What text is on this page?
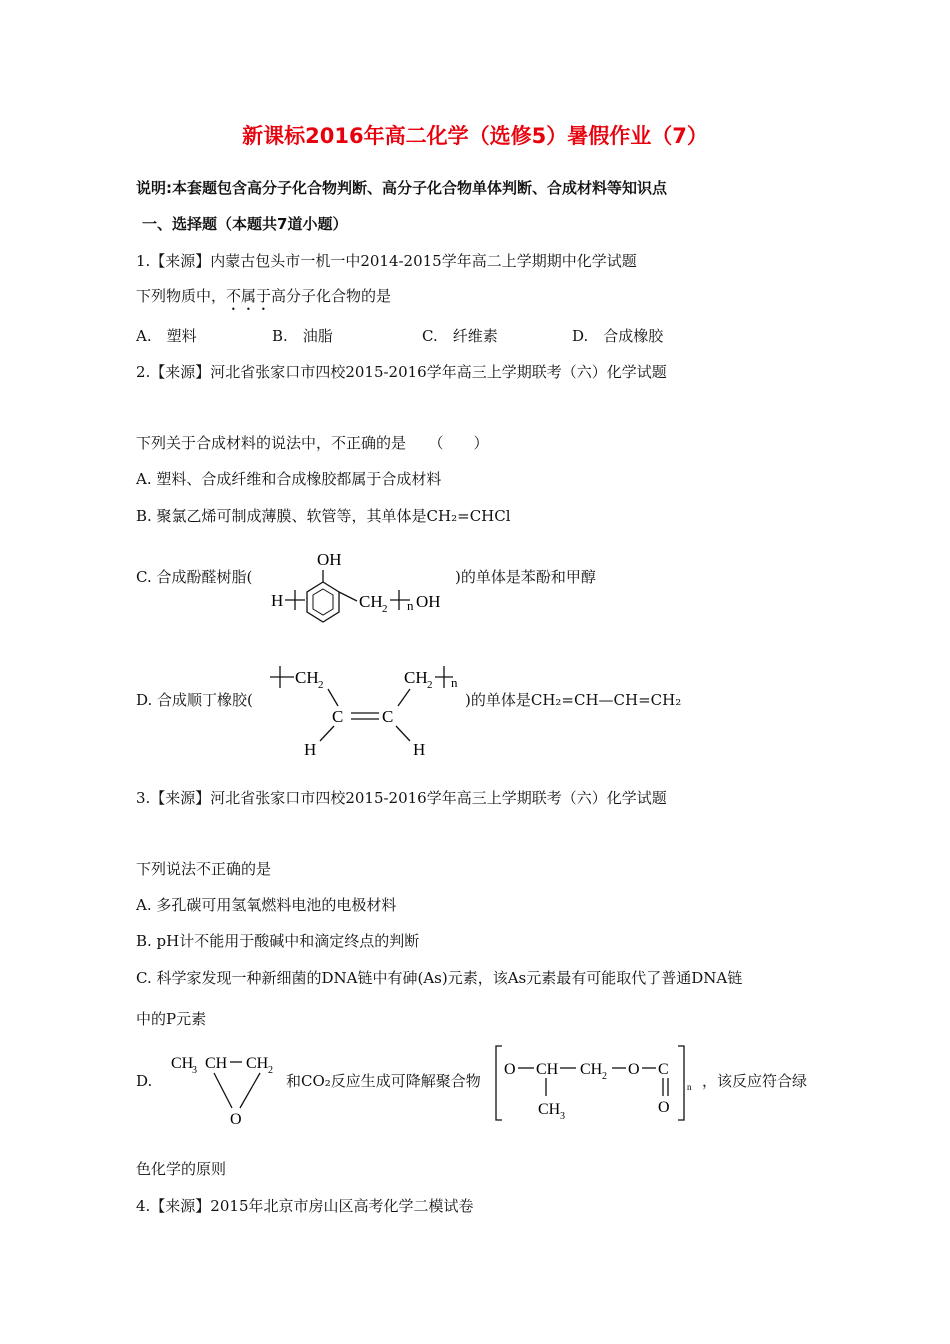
新课标2016年高二化学（选修5）暑假作业（7）
说明:本套题包含高分子化合物判断、高分子化合物单体判断、合成材料等知识点
一、选择题（本题共7道小题）
1.【来源】内蒙古包头市一机一中2014-2015学年高二上学期期中化学试题
下列物质中，不属于高分子化合物的是
A.　塑料	B.　油脂	C.　纤维素	D.　合成橡胶
2.【来源】河北省张家口市四校2015-2016学年高三上学期联考（六）化学试题
下列关于合成材料的说法中，不正确的是　　（　　）
A. 塑料、合成纤维和合成橡胶都属于合成材料
B. 聚氯乙烯可制成薄膜、软管等，其单体是CH₂=CHCl
C. 合成酚醛树脂(	)的单体是苯酚和甲醇
OH
H	CH 2 n OH
D. 合成顺丁橡胶(	)的单体是CH₂=CH—CH=CH₂
CH 2	CH 2 n
C C
H	H
3.【来源】河北省张家口市四校2015-2016学年高三上学期联考（六）化学试题
下列说法不正确的是
A. 多孔碳可用氢氧燃料电池的电极材料
B. pH计不能用于酸碱中和滴定终点的判断
C. 科学家发现一种新细菌的DNA链中有砷(As)元素，该As元素最有可能取代了普通DNA链
中的P元素
D.
CH
3 CH CH 2
O
和CO₂反应生成可降解聚合物
O CH CH 2 O C
CH 3
O
n ，该反应符合绿
色化学的原则
4.【来源】2015年北京市房山区高考化学二模试卷
